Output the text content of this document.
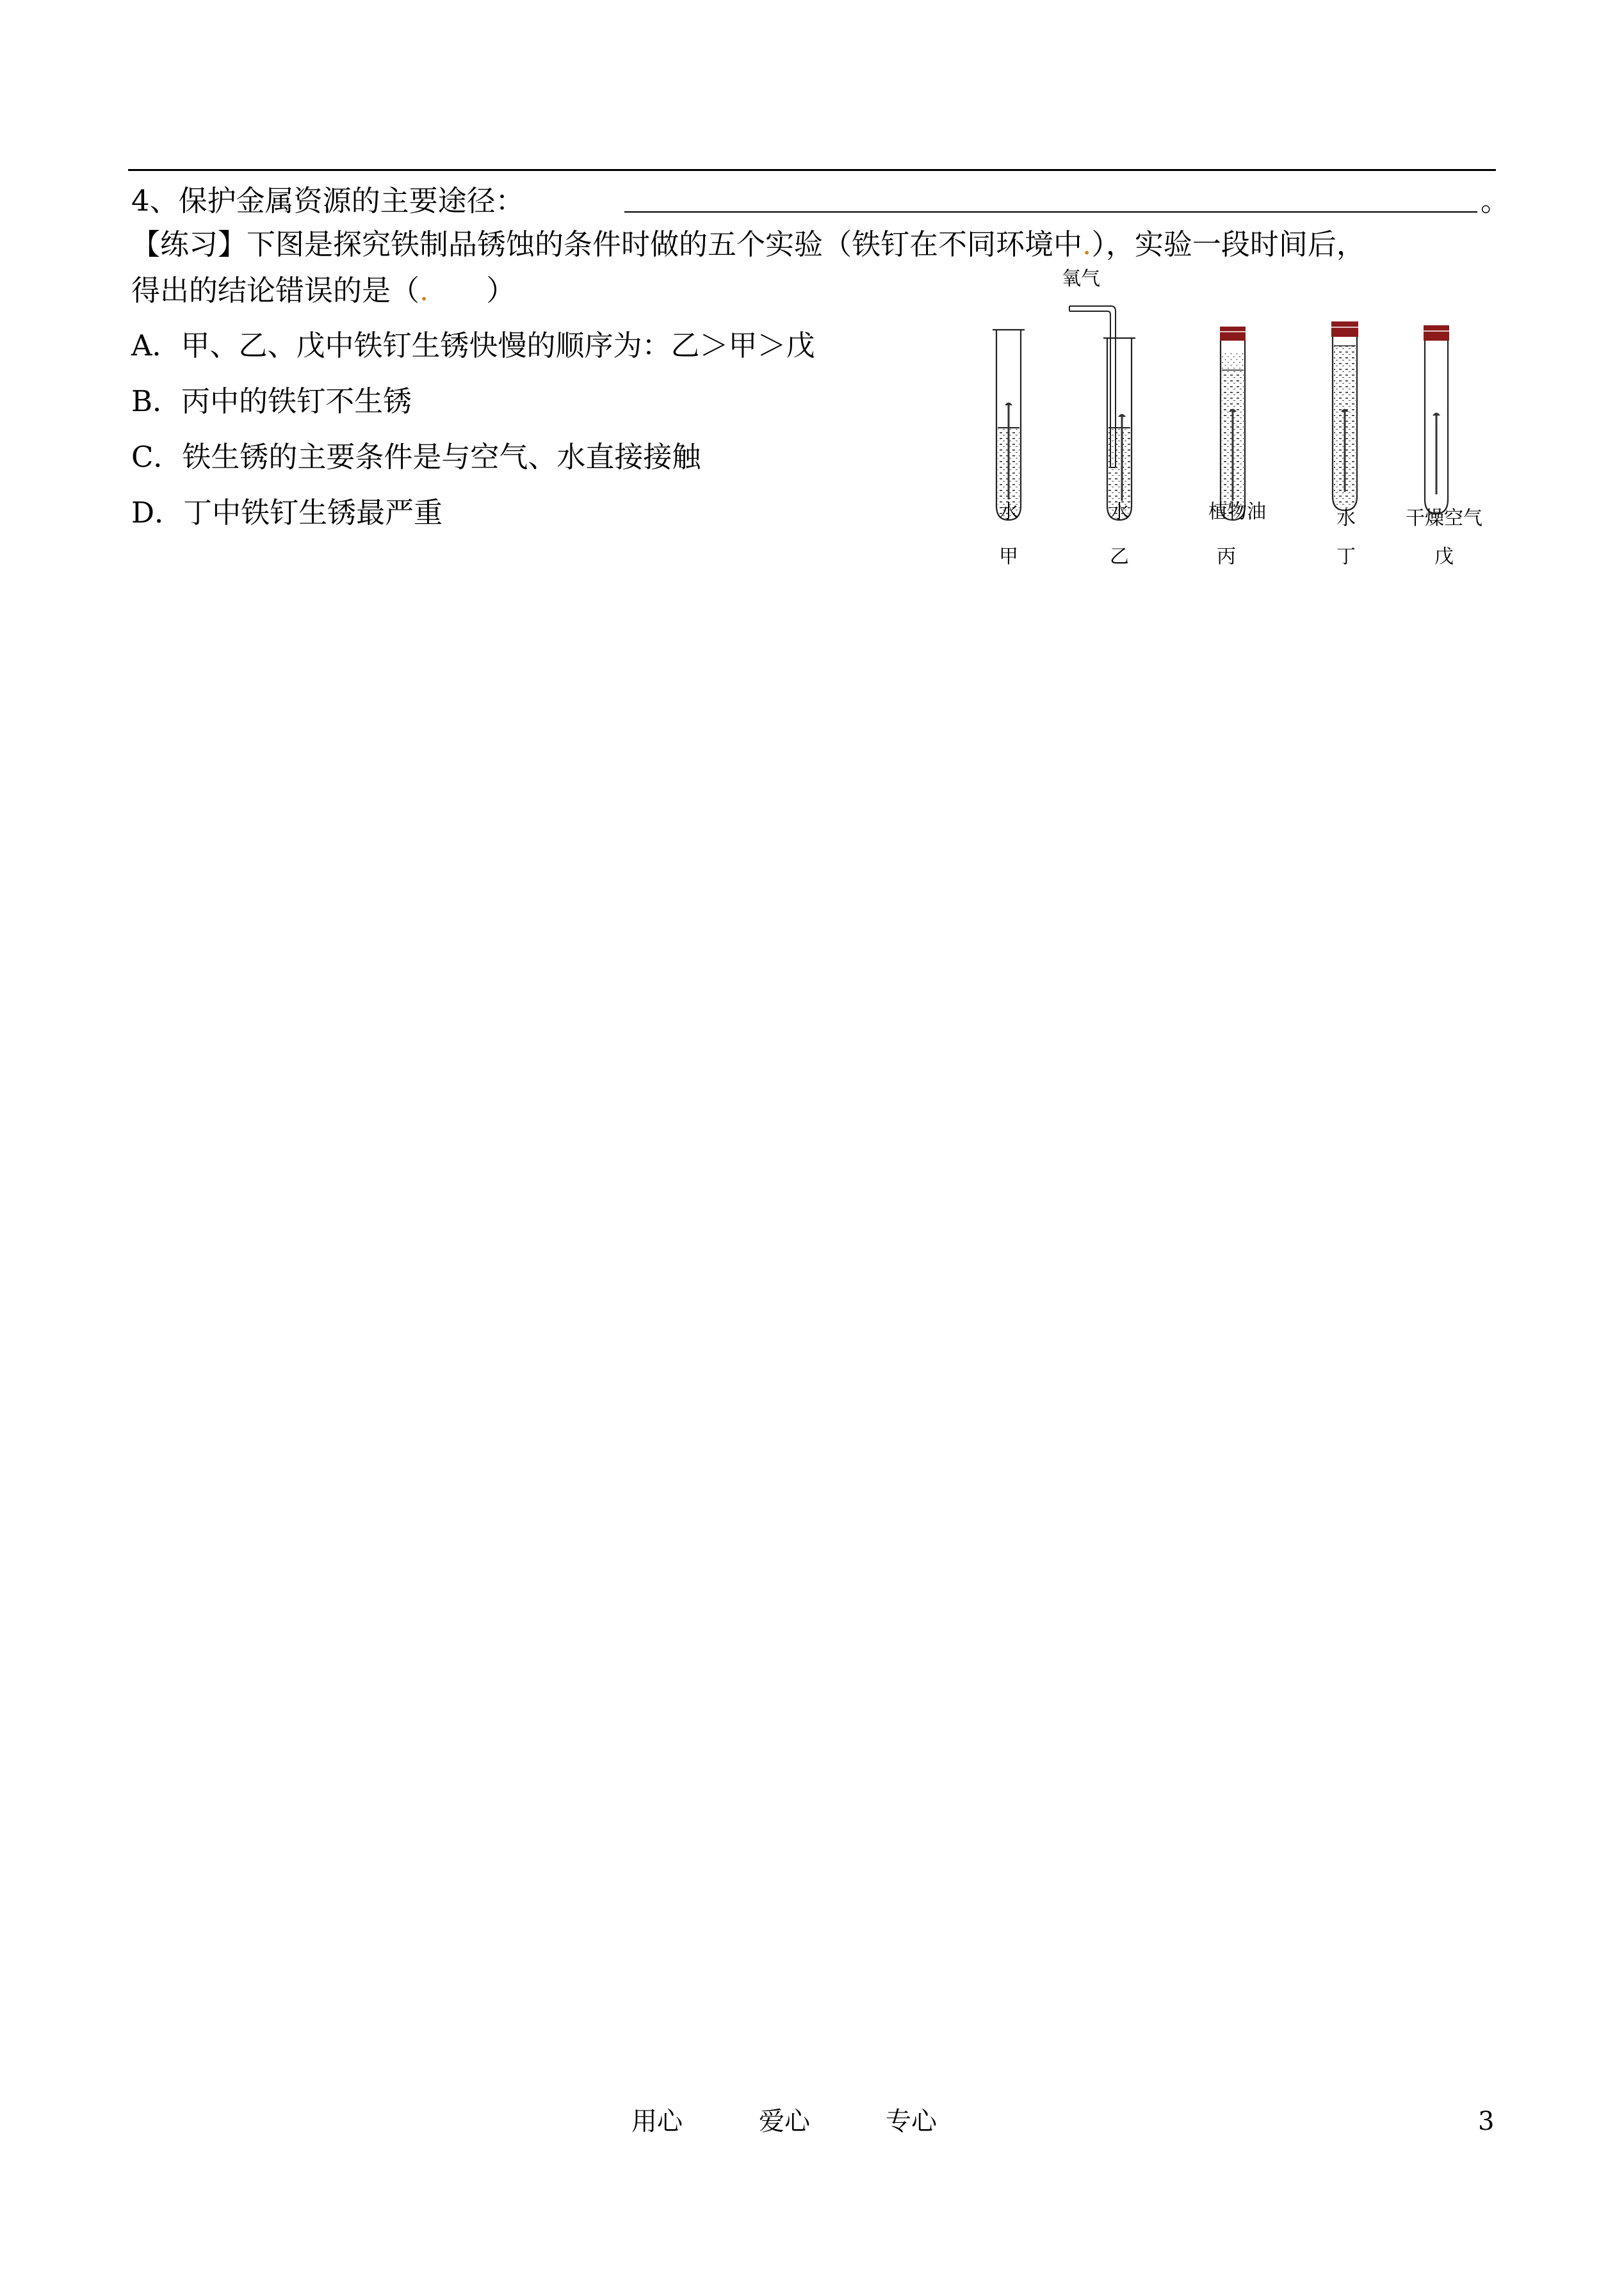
4、保护金属资源的主要途径：	。
【练习】下图是探究铁制品锈蚀的条件时做的五个实验（铁钉在不同环境中.），实验一段时间后，
得出的结论错误的是（.　　）
A．甲、乙、戊中铁钉生锈快慢的顺序为：乙＞甲＞戊
B．丙中的铁钉不生锈
C．铁生锈的主要条件是与空气、水直接接触
D．丁中铁钉生锈最严重
氧气
水
甲
水
乙
植物油
丙
水
丁
干燥空气
戊
用心	爱心	专心	3
